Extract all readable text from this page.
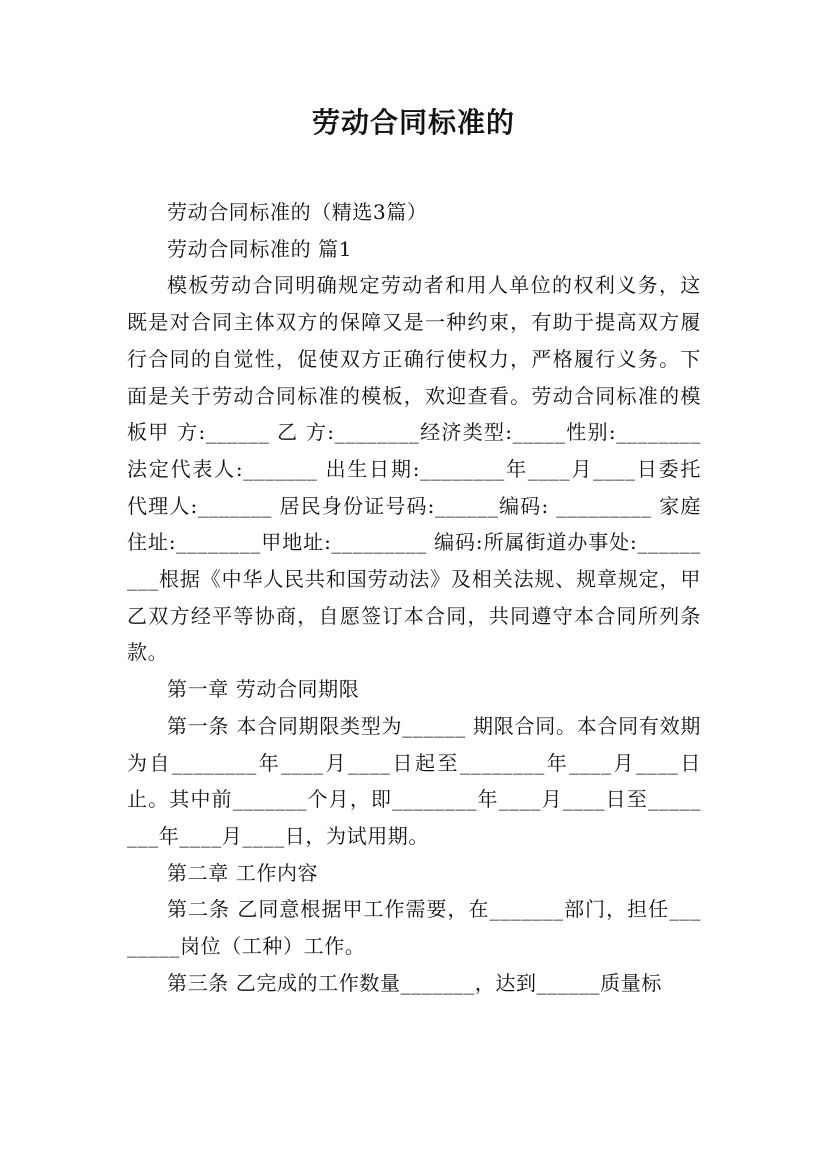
劳动合同标准的

劳动合同标准的（精选3篇）

劳动合同标准的 篇1

模板劳动合同明确规定劳动者和用人单位的权利义务，这既是对合同主体双方的保障又是一种约束，有助于提高双方履行合同的自觉性，促使双方正确行使权力，严格履行义务。下面是关于劳动合同标准的模板，欢迎查看。劳动合同标准的模板甲 方:______ 乙 方:________经济类型:_____性别:________法定代表人:_______ 出生日期:________年____月____日委托代理人:_______ 居民身份证号码:______编码: _________ 家庭住址:________甲地址:_________ 编码:所属街道办事处:_________根据《中华人民共和国劳动法》及相关法规、规章规定，甲乙双方经平等协商，自愿签订本合同，共同遵守本合同所列条款。

第一章 劳动合同期限

第一条 本合同期限类型为______ 期限合同。本合同有效期为自________年____月____日起至________年____月____日止。其中前_______个月，即________年____月____日至________年____月____日，为试用期。

第二章 工作内容

第二条 乙同意根据甲工作需要，在_______部门，担任________岗位（工种）工作。

第三条 乙完成的工作数量_______，达到______质量标
